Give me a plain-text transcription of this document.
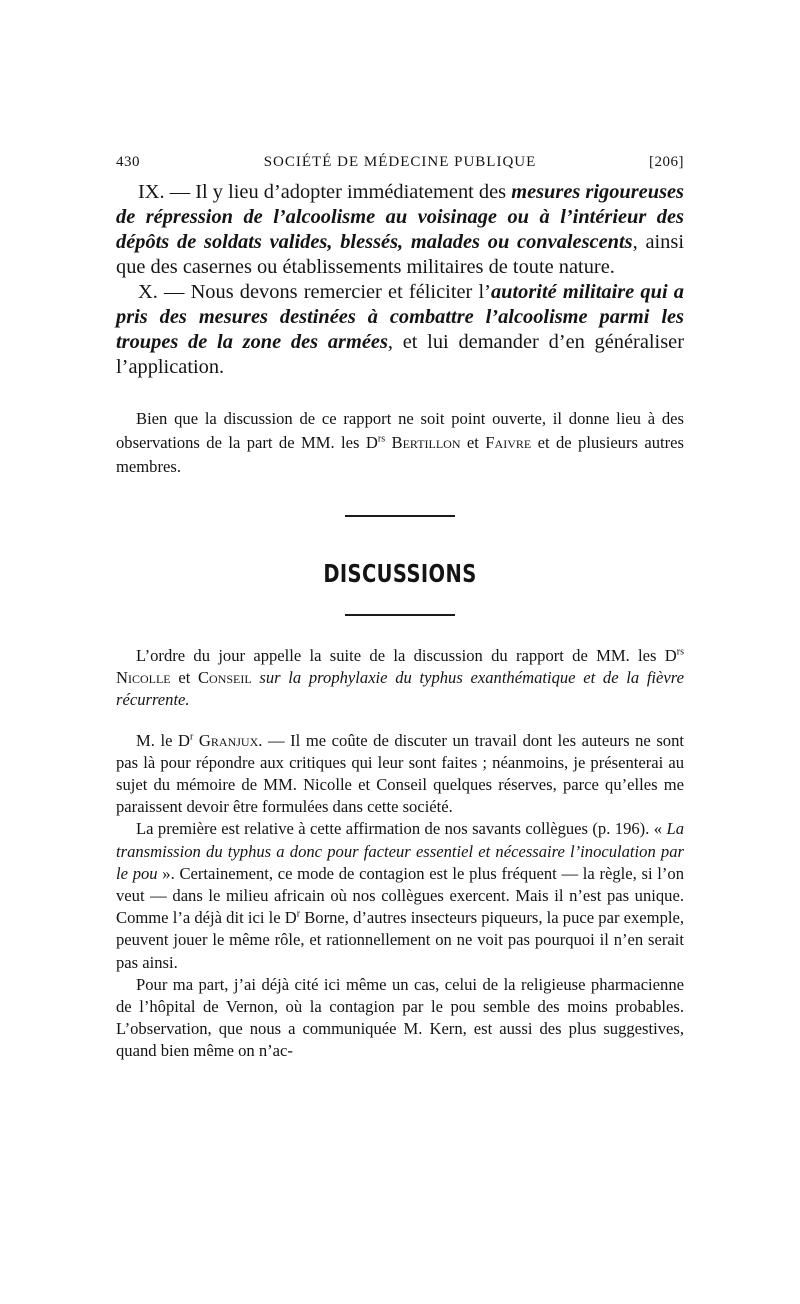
430	SOCIÉTÉ DE MÉDECINE PUBLIQUE	[206]

IX. — Il y lieu d’adopter immédiatement des mesures rigoureuses de répression de l’alcoolisme au voisinage ou à l’intérieur des dépôts de soldats valides, blessés, malades ou convalescents, ainsi que des casernes ou établissements militaires de toute nature.

X. — Nous devons remercier et féliciter l’autorité militaire qui a pris des mesures destinées à combattre l’alcoolisme parmi les troupes de la zone des armées, et lui demander d’en généraliser l’application.

Bien que la discussion de ce rapport ne soit point ouverte, il donne lieu à des observations de la part de MM. les $D^{rs}$ Bertillon et Faivre et de plusieurs autres membres.

DISCUSSIONS

L’ordre du jour appelle la suite de la discussion du rapport de MM. les $D^{rs}$ Nicolle et Conseil sur la prophylaxie du typhus exanthématique et de la fièvre récurrente.

M. le $D^r$ Granjux. — Il me coûte de discuter un travail dont les auteurs ne sont pas là pour répondre aux critiques qui leur sont faites ; néanmoins, je présenterai au sujet du mémoire de MM. Nicolle et Conseil quelques réserves, parce qu’elles me paraissent devoir être formulées dans cette société.

La première est relative à cette affirmation de nos savants collègues (p. 196). « La transmission du typhus a donc pour facteur essentiel et nécessaire l’inoculation par le pou ». Certainement, ce mode de contagion est le plus fréquent — la règle, si l’on veut — dans le milieu africain où nos collègues exercent. Mais il n’est pas unique. Comme l’a déjà dit ici le $D^r$ Borne, d’autres insecteurs piqueurs, la puce par exemple, peuvent jouer le même rôle, et rationnellement on ne voit pas pourquoi il n’en serait pas ainsi.

Pour ma part, j’ai déjà cité ici même un cas, celui de la religieuse pharmacienne de l’hôpital de Vernon, où la contagion par le pou semble des moins probables. L’observation, que nous a communiquée M. Kern, est aussi des plus suggestives, quand bien même on n’ac-
